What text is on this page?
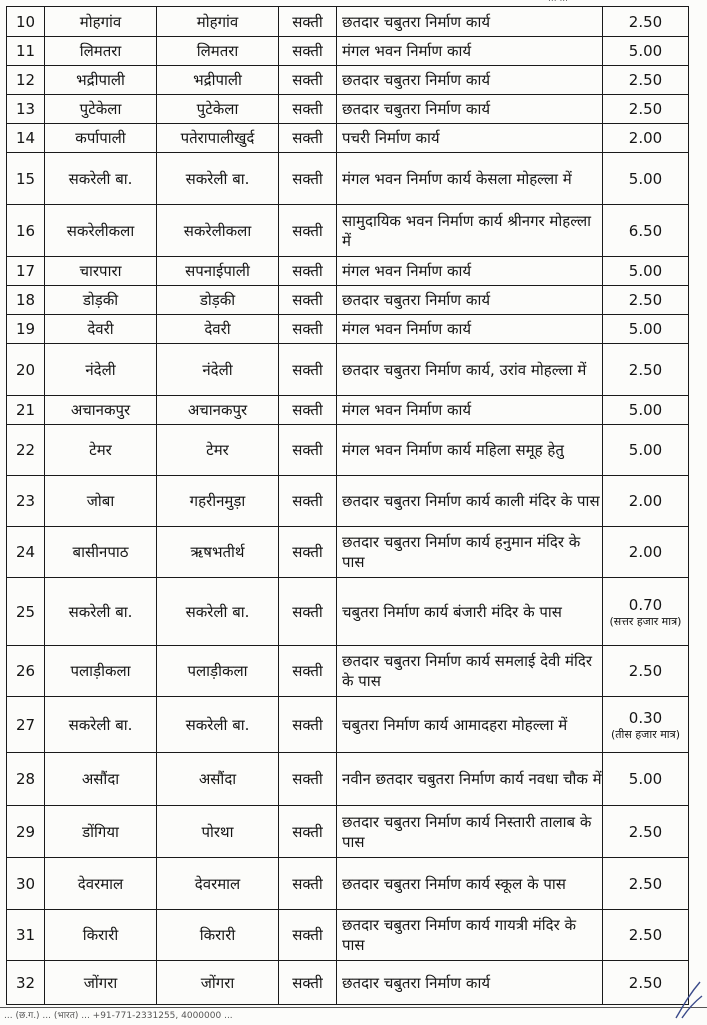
10	मोहगांव	मोहगांव	सक्ती	छतदार चबुतरा निर्माण कार्य	2.50

11	लिमतरा	लिमतरा	सक्ती	मंगल भवन निर्माण कार्य	5.00

12	भद्रीपाली	भद्रीपाली	सक्ती	छतदार चबुतरा निर्माण कार्य	2.50

13	पुटेकेला	पुटेकेला	सक्ती	छतदार चबुतरा निर्माण कार्य	2.50

14	कर्पापाली	पतेरापालीखुर्द	सक्ती	पचरी निर्माण कार्य	2.00

15	सकरेली बा.	सकरेली बा.	सक्ती	मंगल भवन निर्माण कार्य केसला मोहल्ला में	5.00

16	सकरेलीकला	सकरेलीकला	सक्ती	सामुदायिक भवन निर्माण कार्य श्रीनगर मोहल्ला में	6.50

17	चारपारा	सपनाईपाली	सक्ती	मंगल भवन निर्माण कार्य	5.00

18	डोड़की	डोड़की	सक्ती	छतदार चबुतरा निर्माण कार्य	2.50

19	देवरी	देवरी	सक्ती	मंगल भवन निर्माण कार्य	5.00

20	नंदेली	नंदेली	सक्ती	छतदार चबुतरा निर्माण कार्य, उरांव मोहल्ला में	2.50

21	अचानकपुर	अचानकपुर	सक्ती	मंगल भवन निर्माण कार्य	5.00

22	टेमर	टेमर	सक्ती	मंगल भवन निर्माण कार्य महिला समूह हेतु	5.00

23	जोबा	गहरीनमुड़ा	सक्ती	छतदार चबुतरा निर्माण कार्य काली मंदिर के पास	2.00

24	बासीनपाठ	ऋषभतीर्थ	सक्ती	छतदार चबुतरा निर्माण कार्य हनुमान मंदिर के पास	2.00

25	सकरेली बा.	सकरेली बा.	सक्ती	चबुतरा निर्माण कार्य बंजारी मंदिर के पास	0.70
(सत्तर हजार मात्र)

26	पलाड़ीकला	पलाड़ीकला	सक्ती	छतदार चबुतरा निर्माण कार्य समलाई देवी मंदिर के पास	2.50

27	सकरेली बा.	सकरेली बा.	सक्ती	चबुतरा निर्माण कार्य आमादहरा मोहल्ला में	0.30
(तीस हजार मात्र)

28	असौंदा	असौंदा	सक्ती	नवीन छतदार चबुतरा निर्माण कार्य नवधा चौक में	5.00

29	डोंगिया	पोरथा	सक्ती	छतदार चबुतरा निर्माण कार्य निस्तारी तालाब के पास	2.50

30	देवरमाल	देवरमाल	सक्ती	छतदार चबुतरा निर्माण कार्य स्कूल के पास	2.50

31	किरारी	किरारी	सक्ती	छतदार चबुतरा निर्माण कार्य गायत्री मंदिर के पास	2.50

32	जोंगरा	जोंगरा	सक्ती	छतदार चबुतरा निर्माण कार्य	2.50
... (छ.ग.) ... (भारत) ... +91-771-2331255, 4000000 ...
